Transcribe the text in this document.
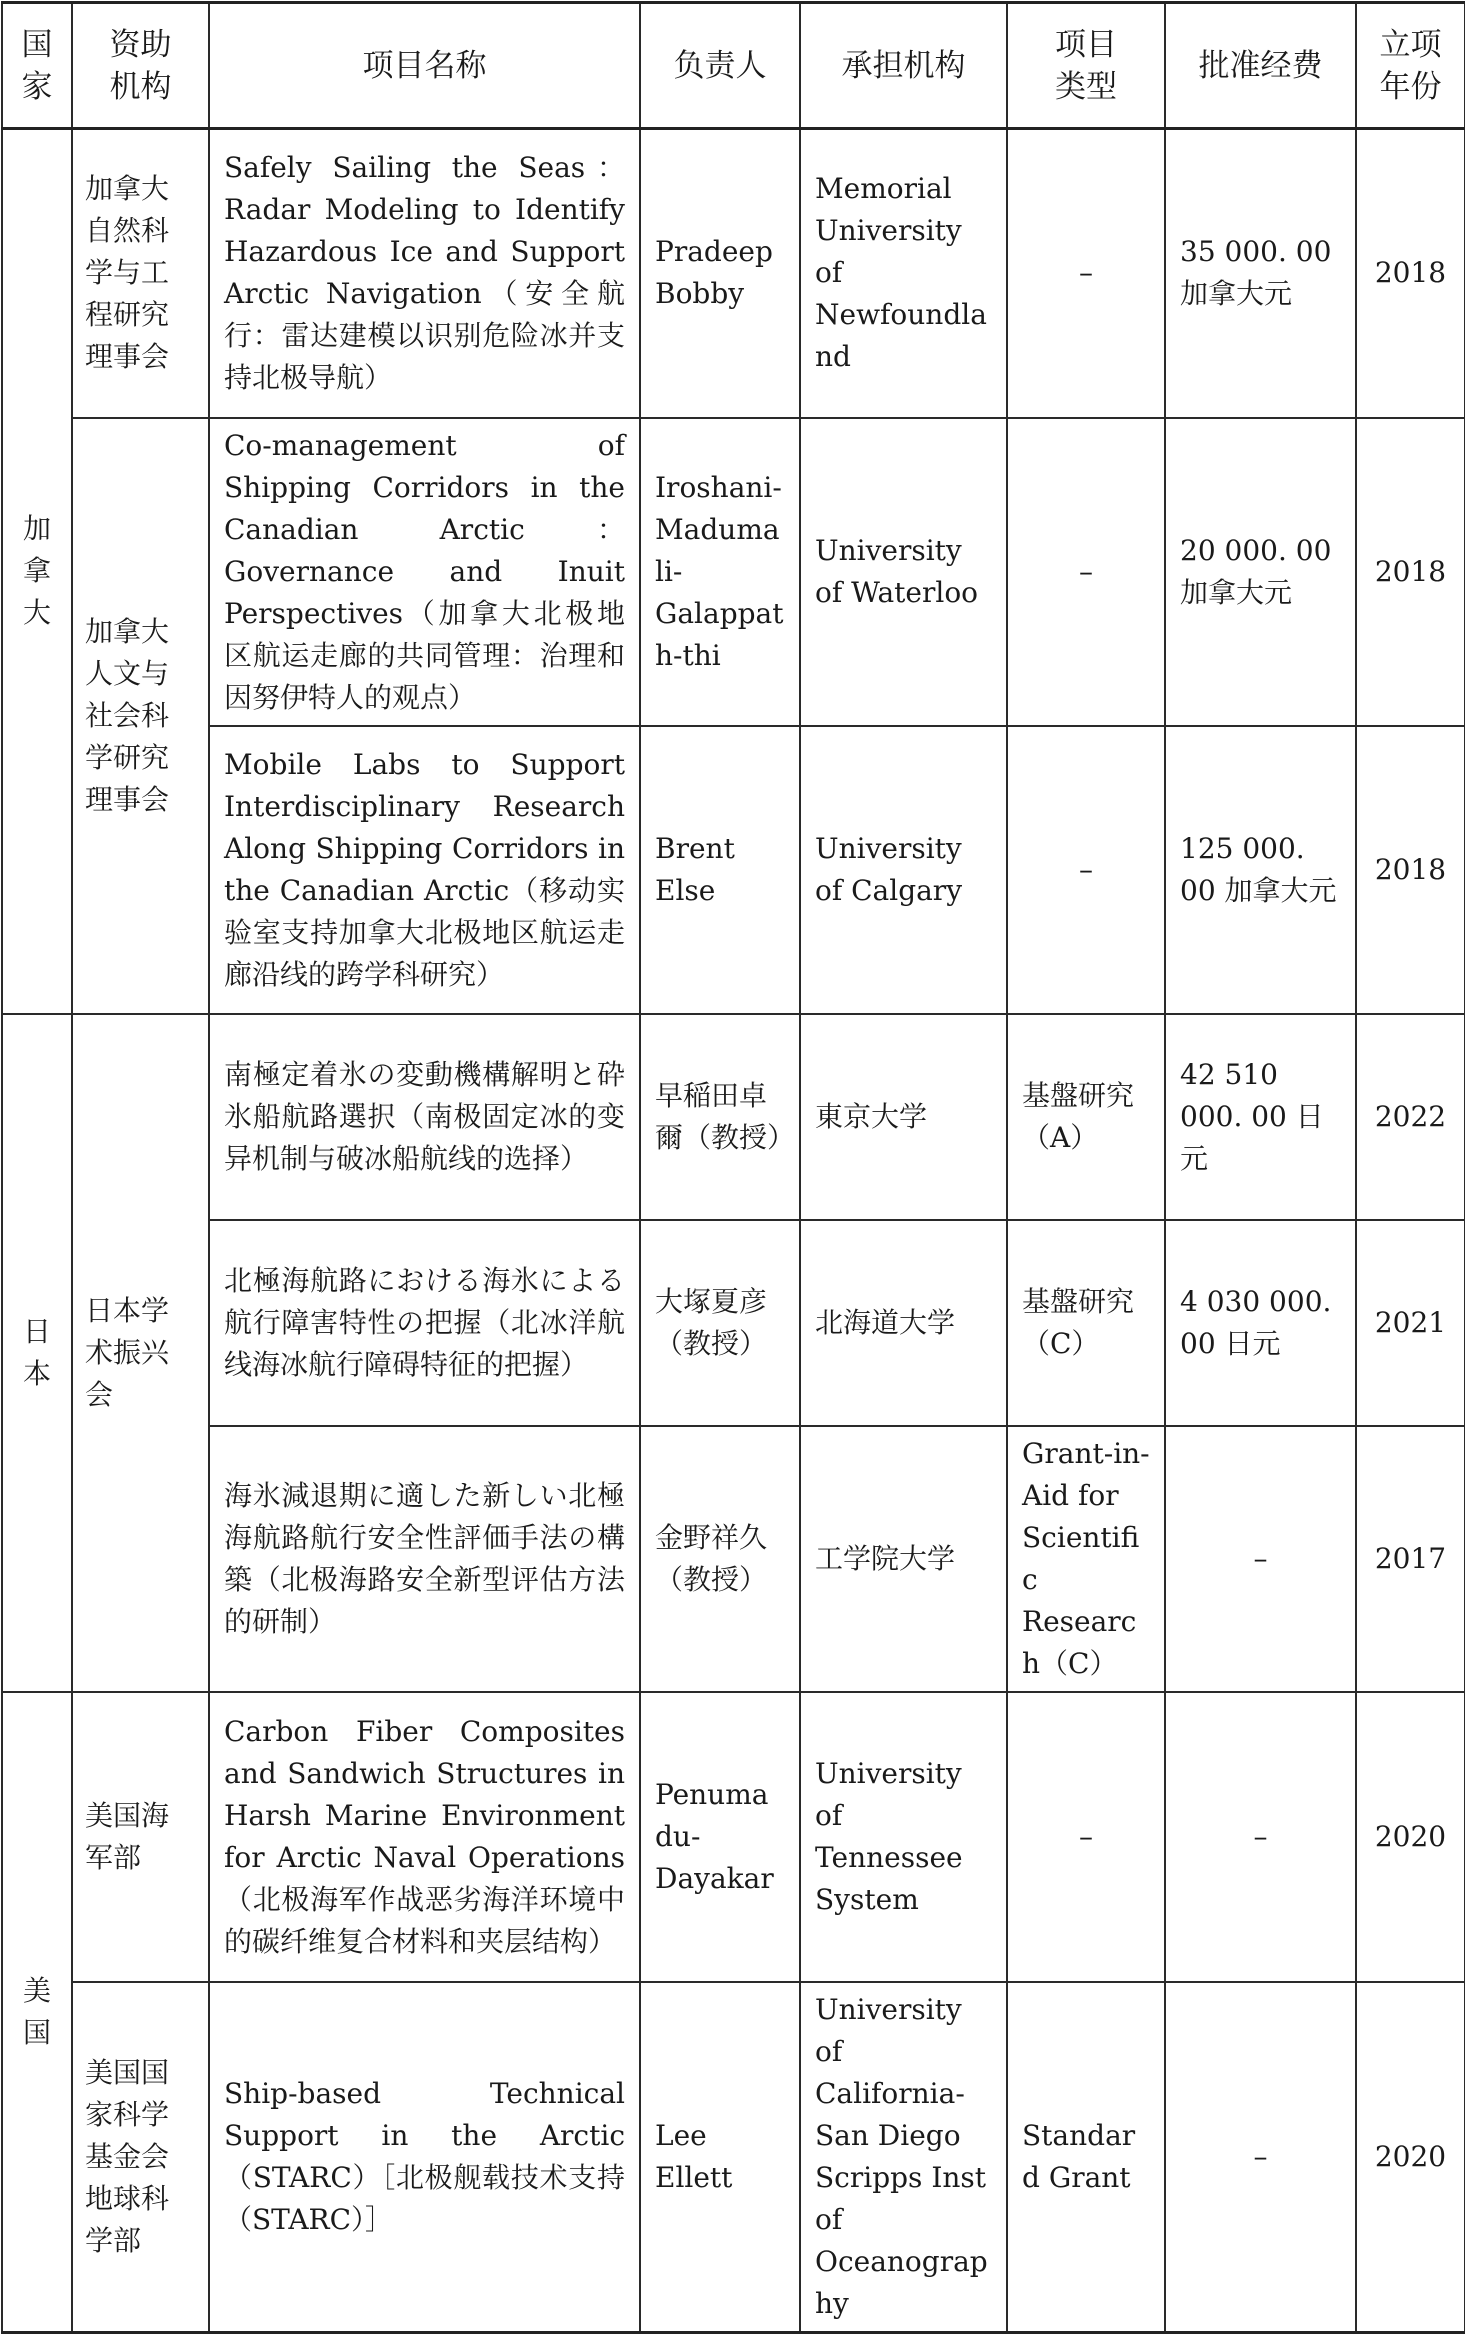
国家	资助机构	项目名称	负责人	承担机构	项目类型	批准经费	立项年份

加拿大	加拿大自然科学与工程研究理事会	Safely Sailing the Seas：Radar Modeling to Identify Hazardous Ice and Support Arctic Navigation（安全航行：雷达建模以识别危险冰并支持北极导航）	Pradeep Bobby	Memorial University of Newfoundland	–	35 000. 00 加拿大元	2018
	加拿大人文与社会科学研究理事会	Co-management of Shipping Corridors in the Canadian Arctic：Governance and Inuit Perspectives（加拿大北极地区航运走廊的共同管理：治理和因努伊特人的观点）	Iroshani-Madumali-Galappath-thi	University of Waterloo	–	20 000. 00 加拿大元	2018
		Mobile Labs to Support Interdisciplinary Research Along Shipping Corridors in the Canadian Arctic（移动实验室支持加拿大北极地区航运走廊沿线的跨学科研究）	Brent Else	University of Calgary	–	125 000. 00 加拿大元	2018

日本	日本学术振兴会	南極定着氷の変動機構解明と砕氷船航路選択（南极固定冰的变异机制与破冰船航线的选择）	早稲田卓爾（教授）	東京大学	基盤研究（A）	42 510 000. 00 日元	2022
		北極海航路における海氷による航行障害特性の把握（北冰洋航线海冰航行障碍特征的把握）	大塚夏彦（教授）	北海道大学	基盤研究（C）	4 030 000. 00 日元	2021
		海氷減退期に適した新しい北極海航路航行安全性評価手法の構築（北极海路安全新型评估方法的研制）	金野祥久（教授）	工学院大学	Grant-in-Aid for Scientific Research（C）	–	2017

美国	美国海军部	Carbon Fiber Composites and Sandwich Structures in Harsh Marine Environment for Arctic Naval Operations（北极海军作战恶劣海洋环境中的碳纤维复合材料和夹层结构）	Penumadu-Dayakar	University of Tennessee System	–	–	2020
	美国国家科学基金会地球科学部	Ship-based Technical Support in the Arctic（STARC）［北极舰载技术支持（STARC）］	Lee Ellett	University of California-San Diego Scripps Inst of Oceanography	Standard Grant	–	2020
